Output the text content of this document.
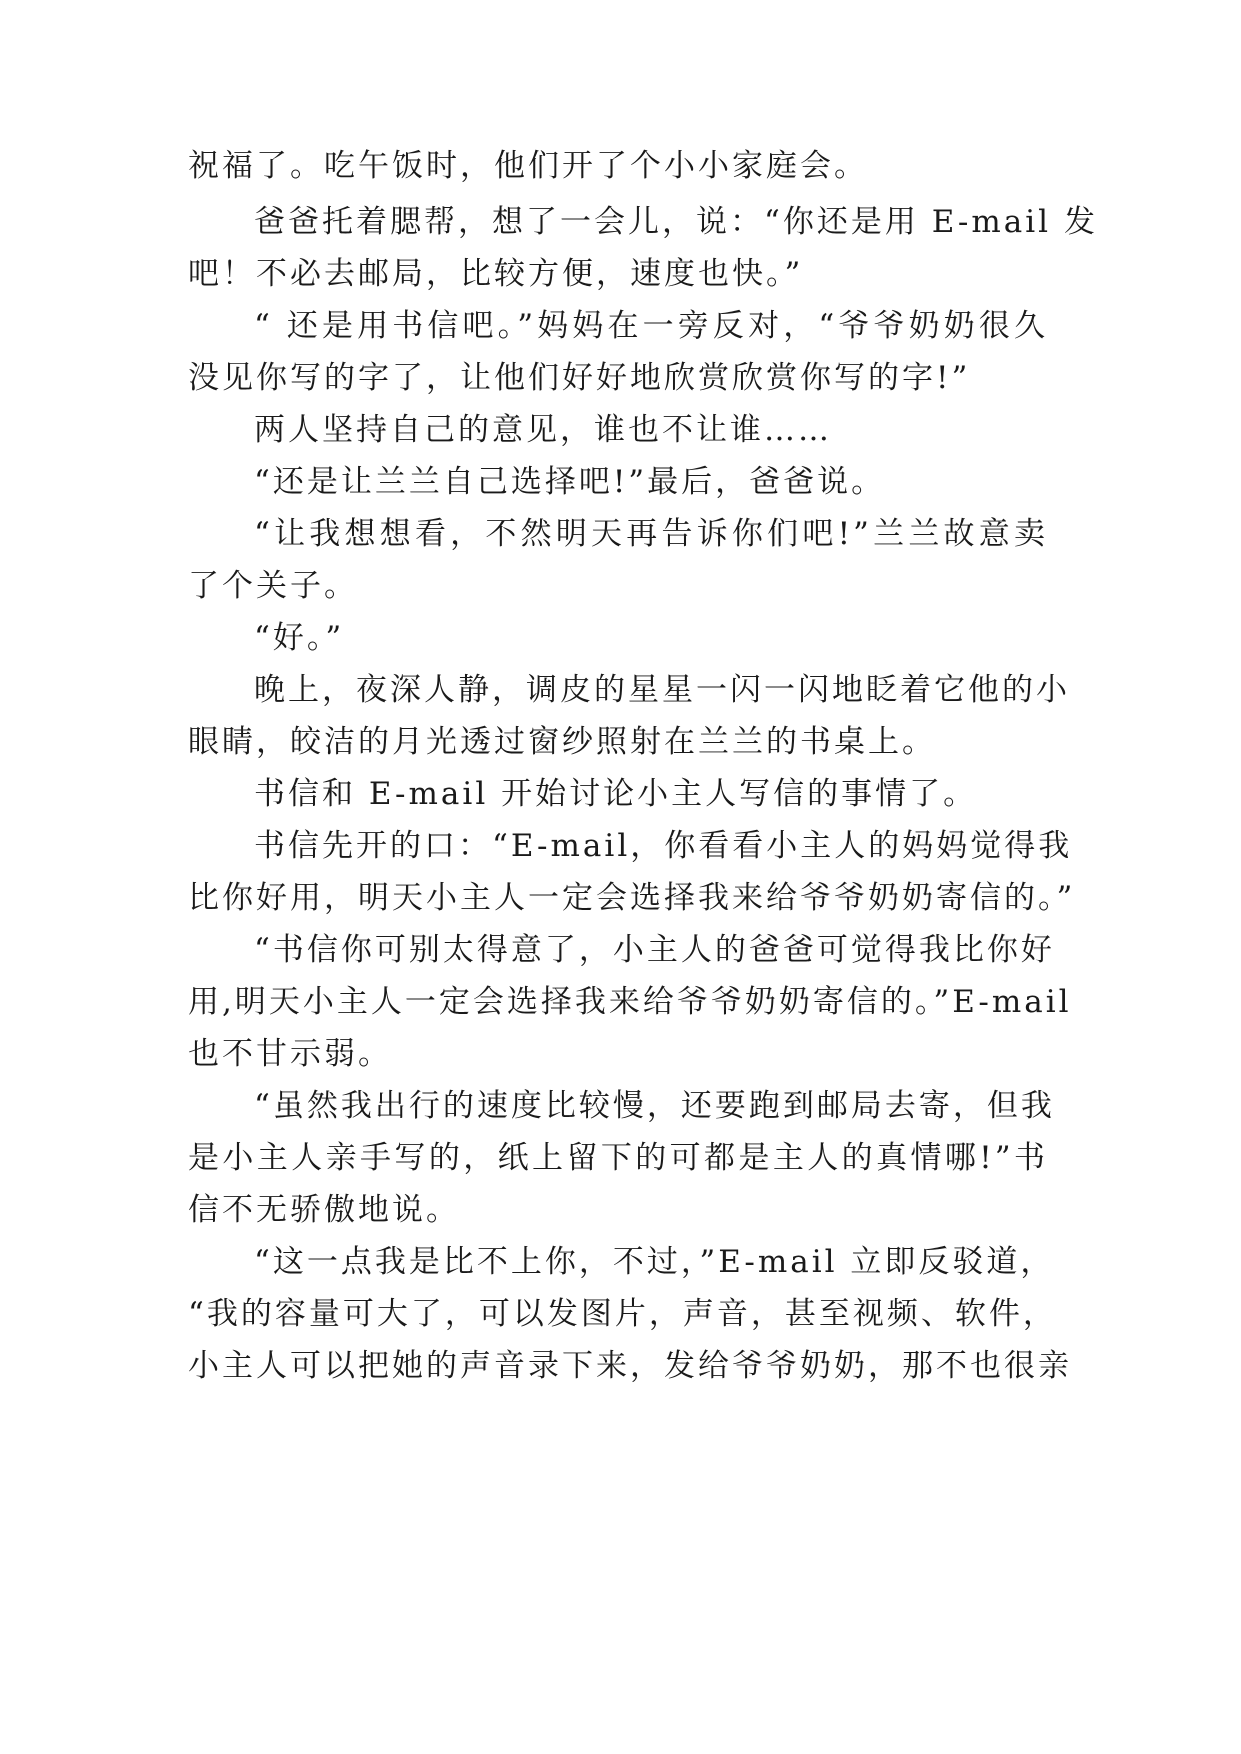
祝福了。吃午饭时，他们开了个小小家庭会。
爸爸托着腮帮，想了一会儿，说：“你还是用 E-mail 发
吧！不必去邮局，比较方便，速度也快。”
“ 还是用书信吧。”妈妈在一旁反对，“爷爷奶奶很久
没见你写的字了，让他们好好地欣赏欣赏你写的字!”
两人坚持自己的意见，谁也不让谁……
“还是让兰兰自己选择吧!”最后，爸爸说。
“让我想想看，不然明天再告诉你们吧!”兰兰故意卖
了个关子。
“好。”
晚上，夜深人静，调皮的星星一闪一闪地眨着它他的小
眼睛，皎洁的月光透过窗纱照射在兰兰的书桌上。
书信和 E-mail 开始讨论小主人写信的事情了。
书信先开的口：“E-mail，你看看小主人的妈妈觉得我
比你好用，明天小主人一定会选择我来给爷爷奶奶寄信的。”
“书信你可别太得意了，小主人的爸爸可觉得我比你好
用,明天小主人一定会选择我来给爷爷奶奶寄信的。”E-mail
也不甘示弱。
“虽然我出行的速度比较慢，还要跑到邮局去寄，但我
是小主人亲手写的，纸上留下的可都是主人的真情哪!”书
信不无骄傲地说。
“这一点我是比不上你，不过，”E-mail 立即反驳道，
“我的容量可大了，可以发图片，声音，甚至视频、软件，
小主人可以把她的声音录下来，发给爷爷奶奶，那不也很亲
